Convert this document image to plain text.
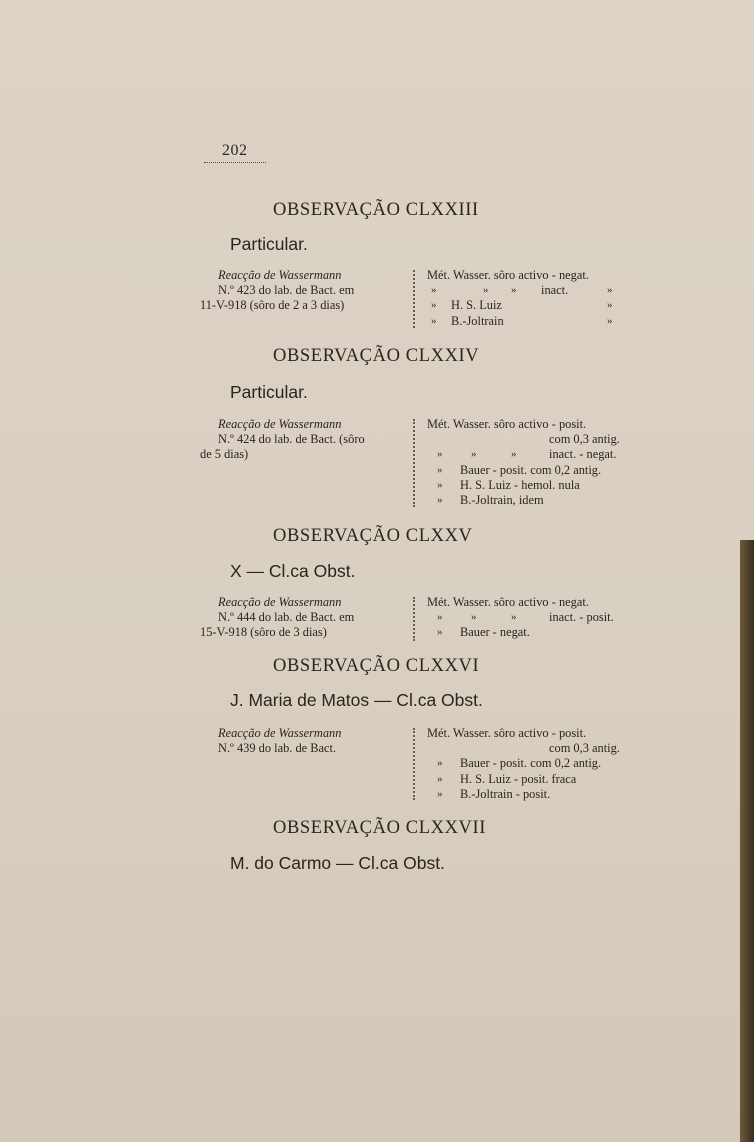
202
OBSERVAÇÃO CLXXIII
Particular.
Reacção de Wassermann
N.º 423 do lab. de Bact. em
11-V-918 (sôro de 2 a 3 dias)
Mét. Wasser. sôro activo - negat.
»	» » inact.	»
» H. S. Luiz	»
» B.-Joltrain	»
OBSERVAÇÃO CLXXIV
Particular.
Reacção de Wassermann
N.º 424 do lab. de Bact. (sôro
de 5 dias)
Mét. Wasser. sôro activo - posit.
com 0,3 antig.
»	»	»	inact. - negat.
» Bauer - posit. com 0,2 antig.
» H. S. Luiz - hemol. nula
» B.-Joltrain, idem
OBSERVAÇÃO CLXXV
X — Cl.ca Obst.
Reacção de Wassermann
N.º 444 do lab. de Bact. em
15-V-918 (sôro de 3 dias)
Mét. Wasser. sôro activo - negat.
»	»	»	inact. - posit.
» Bauer - negat.
OBSERVAÇÃO CLXXVI
J. Maria de Matos — Cl.ca Obst.
Reacção de Wassermann
N.º 439 do lab. de Bact.
Mét. Wasser. sôro activo - posit.
com 0,3 antig.
» Bauer - posit. com 0,2 antig.
» H. S. Luiz - posit. fraca
» B.-Joltrain - posit.
OBSERVAÇÃO CLXXVII
M. do Carmo — Cl.ca Obst.
